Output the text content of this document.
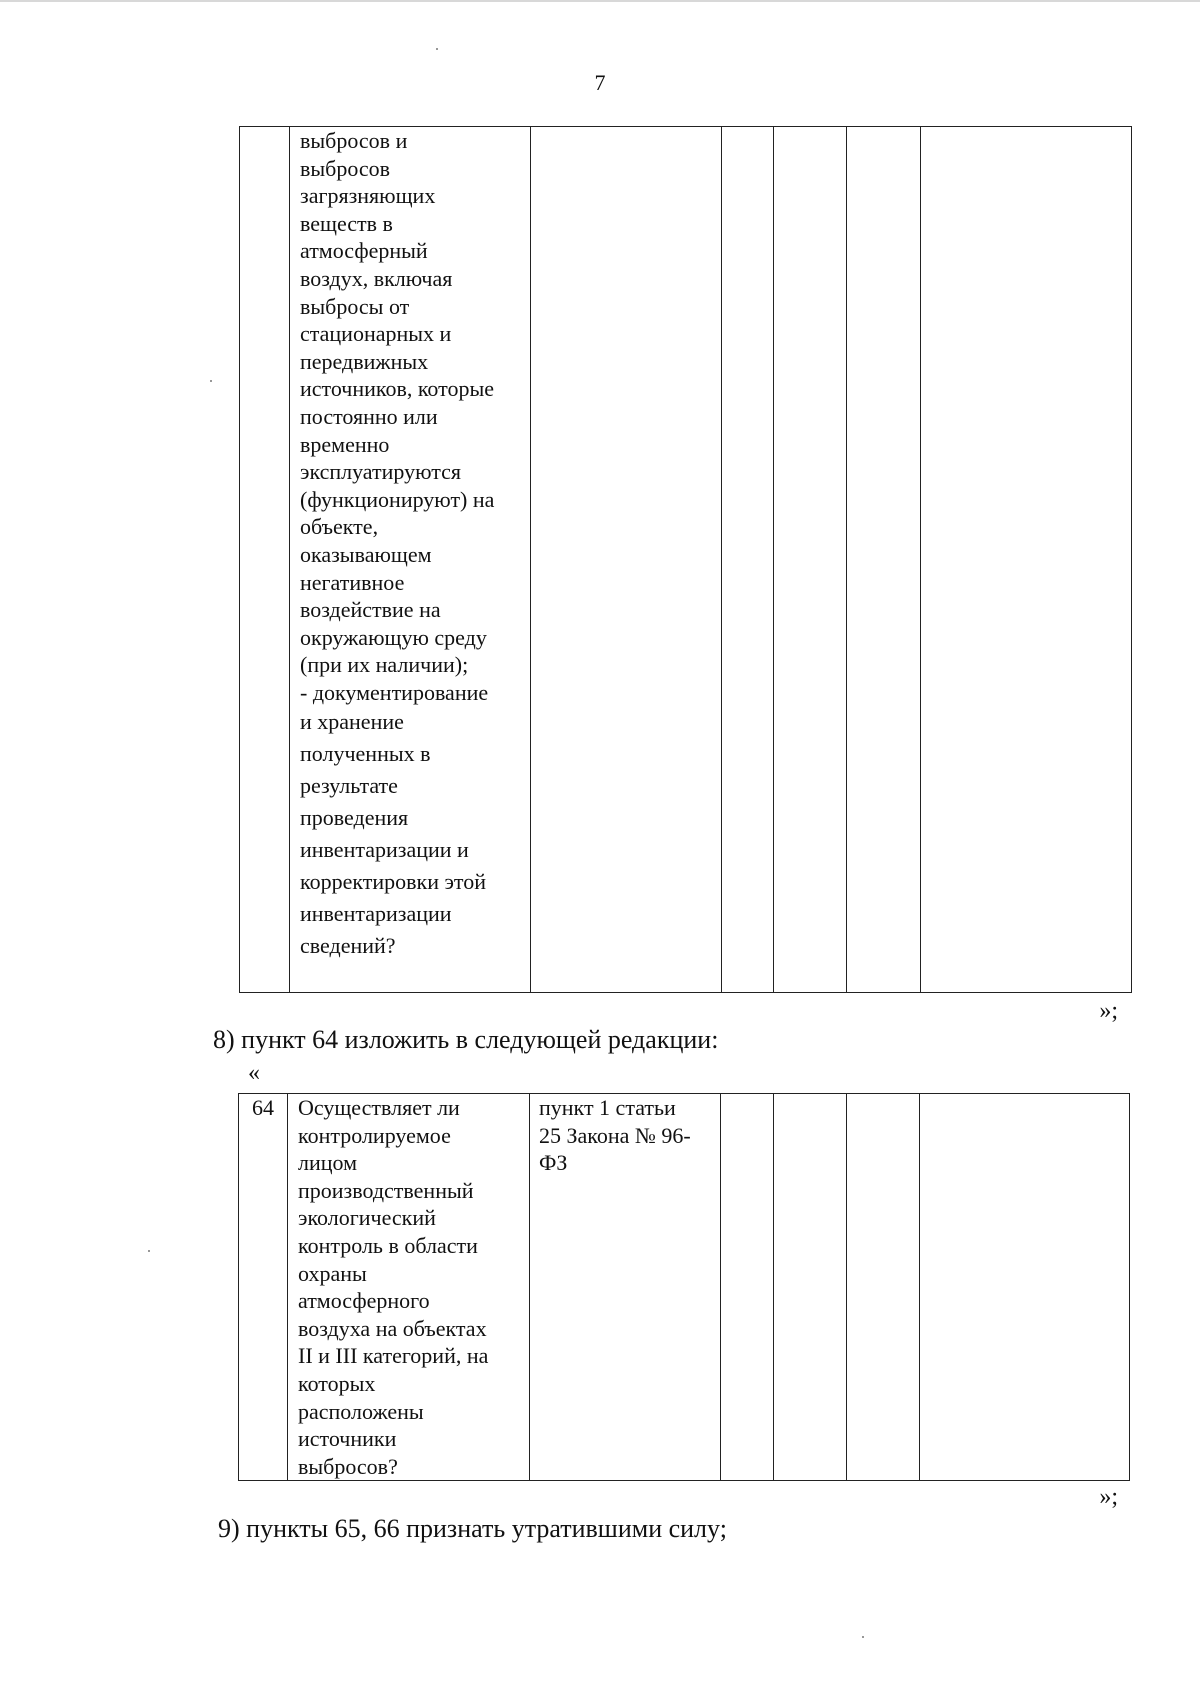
7

выбросов и
выбросов
загрязняющих
веществ в
атмосферный
воздух, включая
выбросы от
стационарных и
передвижных
источников, которые
постоянно или
временно
эксплуатируются
(функционируют) на
объекте,
оказывающем
негативное
воздействие на
окружающую среду
(при их наличии);
- документирование
и хранение
полученных в
результате
проведения
инвентаризации и
корректировки этой
инвентаризации
сведений?

»;
8) пункт 64 изложить в следующей редакции:
«
64	Осуществляет ли
контролируемое
лицом
производственный
экологический
контроль в области
охраны
атмосферного
воздуха на объектах
II и III категорий, на
которых
расположены
источники
выбросов?	пункт 1 статьи
25 Закона № 96-
ФЗ				
»;
9) пункты 65, 66 признать утратившими силу;
